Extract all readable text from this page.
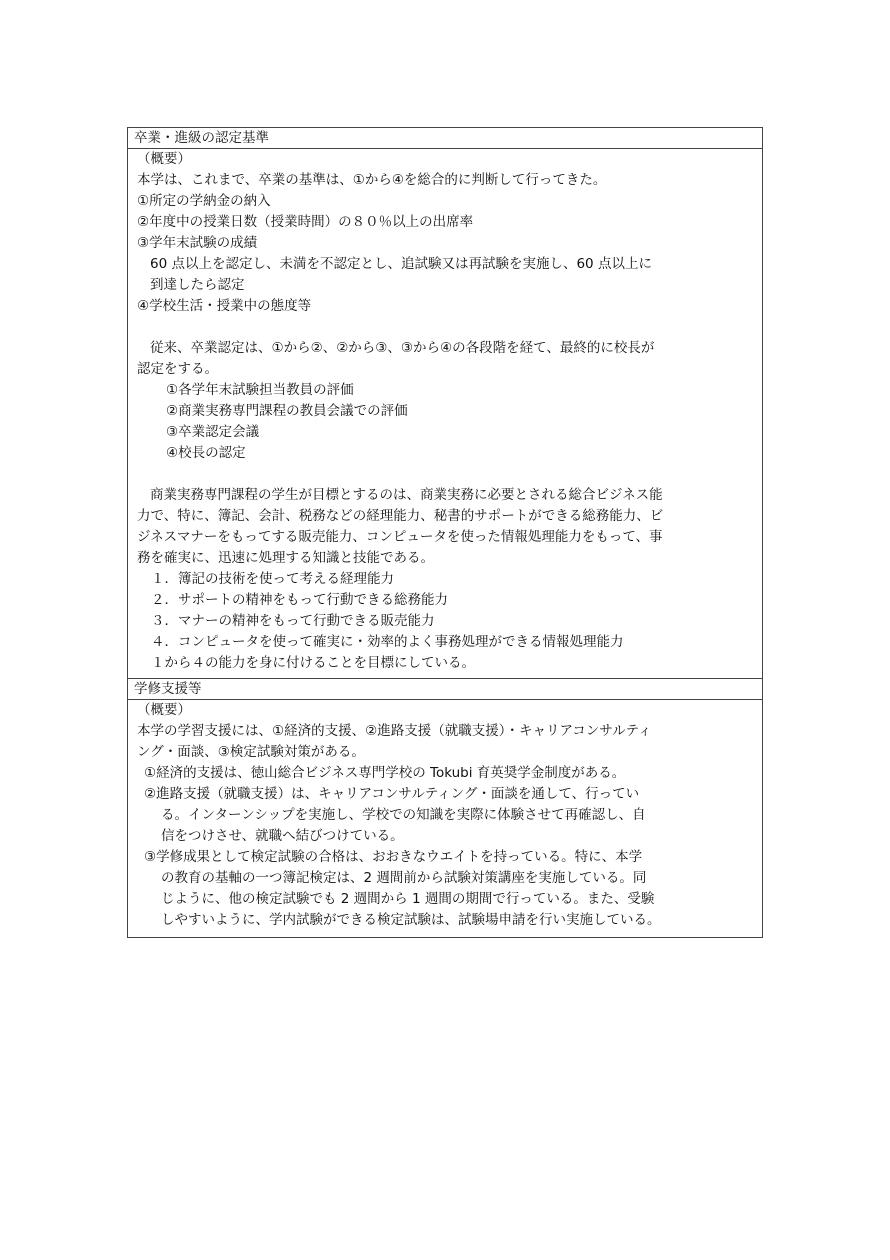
卒業・進級の認定基準
（概要）
本学は、これまで、卒業の基準は、①から④を総合的に判断して行ってきた。
①所定の学納金の納入
②年度中の授業日数（授業時間）の８０％以上の出席率
③学年末試験の成績
60 点以上を認定し、未満を不認定とし、追試験又は再試験を実施し、60 点以上に
到達したら認定
④学校生活・授業中の態度等
従来、卒業認定は、①から②、②から③、③から④の各段階を経て、最終的に校長が
認定をする。
①各学年末試験担当教員の評価
②商業実務専門課程の教員会議での評価
③卒業認定会議
④校長の認定
商業実務専門課程の学生が目標とするのは、商業実務に必要とされる総合ビジネス能
力で、特に、簿記、会計、税務などの経理能力、秘書的サポートができる総務能力、ビ
ジネスマナーをもってする販売能力、コンピュータを使った情報処理能力をもって、事
務を確実に、迅速に処理する知識と技能である。
１．簿記の技術を使って考える経理能力
２．サポートの精神をもって行動できる総務能力
３．マナーの精神をもって行動できる販売能力
４．コンピュータを使って確実に・効率的よく事務処理ができる情報処理能力
１から４の能力を身に付けることを目標にしている。
学修支援等
（概要）
本学の学習支援には、①経済的支援、②進路支援（就職支援）・キャリアコンサルティ
ング・面談、③検定試験対策がある。
①経済的支援は、徳山総合ビジネス専門学校の Tokubi 育英奨学金制度がある。
②進路支援（就職支援）は、キャリアコンサルティング・面談を通して、行ってい
る。インターンシップを実施し、学校での知識を実際に体験させて再確認し、自
信をつけさせ、就職へ結びつけている。
③学修成果として検定試験の合格は、おおきなウエイトを持っている。特に、本学
の教育の基軸の一つ簿記検定は、2 週間前から試験対策講座を実施している。同
じように、他の検定試験でも 2 週間から 1 週間の期間で行っている。また、受験
しやすいように、学内試験ができる検定試験は、試験場申請を行い実施している。
